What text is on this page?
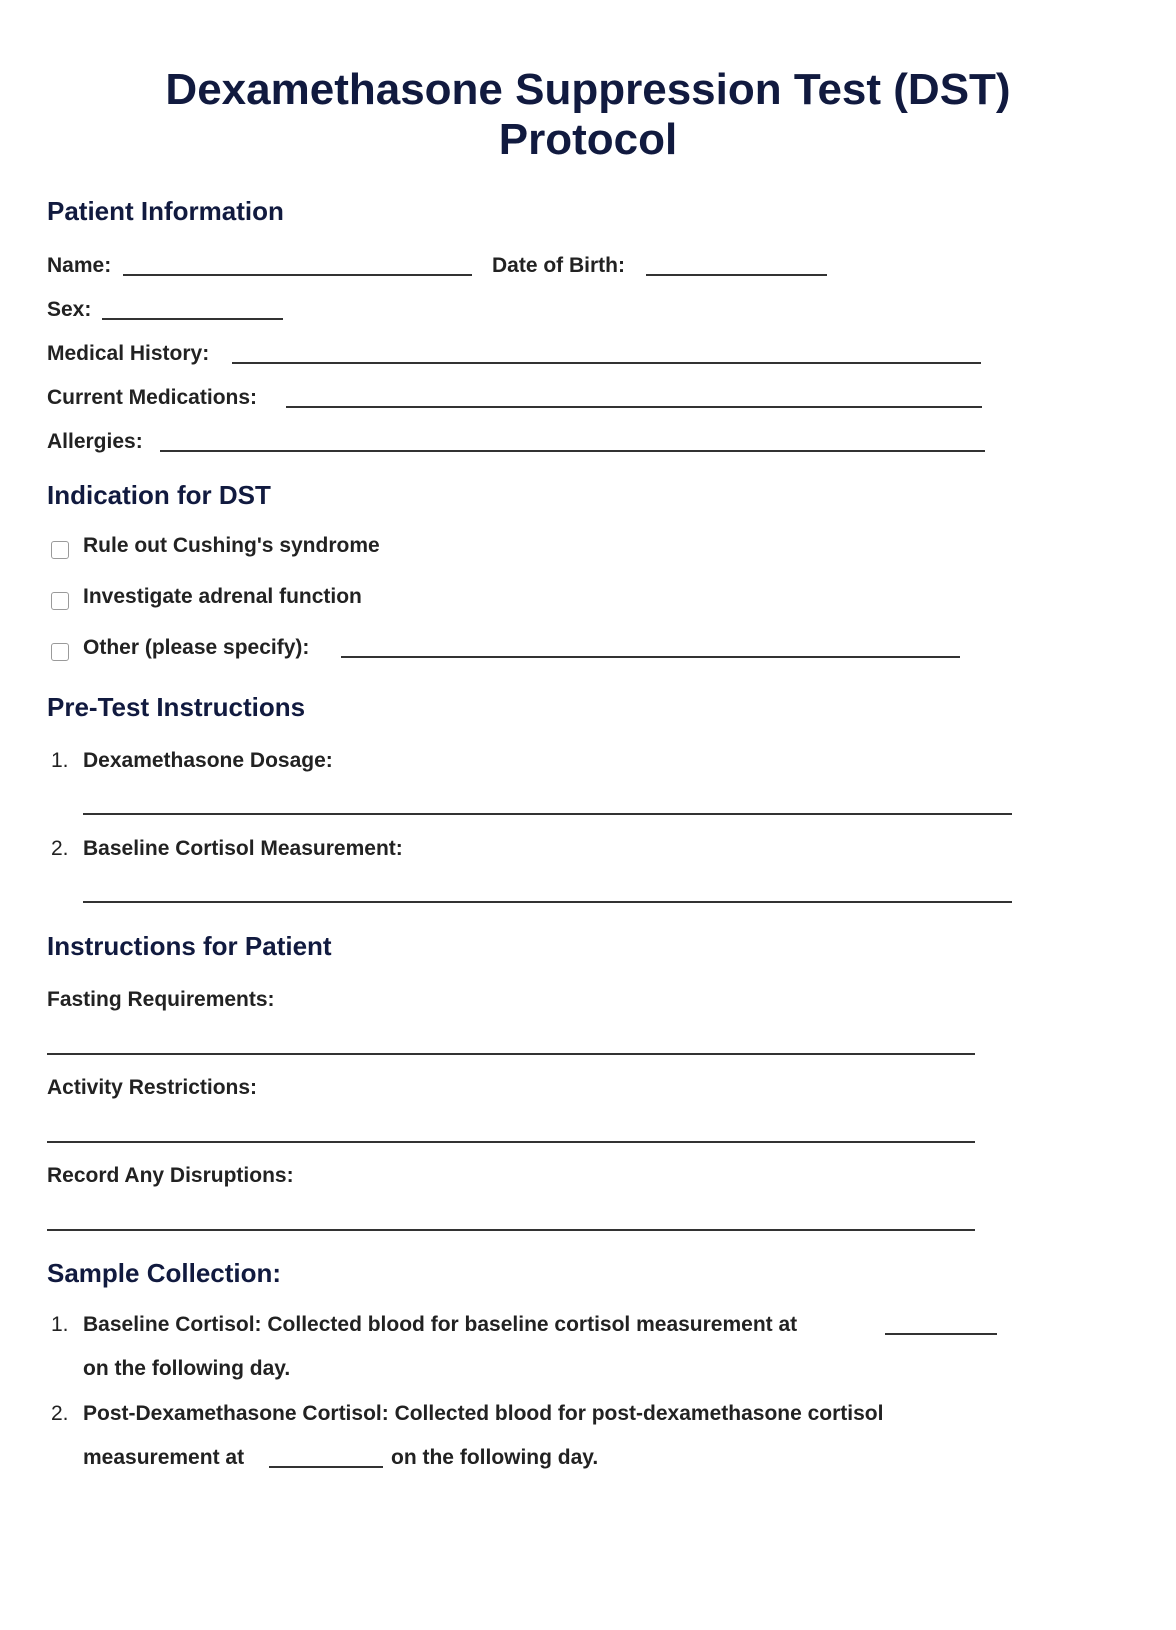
Dexamethasone Suppression Test (DST)
Protocol
Patient Information
Name:	Date of Birth:
Sex:
Medical History:
Current Medications:
Allergies:
Indication for DST
Rule out Cushing's syndrome
Investigate adrenal function
Other (please specify):
Pre-Test Instructions
1. Dexamethasone Dosage:
2. Baseline Cortisol Measurement:
Instructions for Patient
Fasting Requirements:
Activity Restrictions:
Record Any Disruptions:
Sample Collection:
1. Baseline Cortisol: Collected blood for baseline cortisol measurement at
on the following day.
2. Post-Dexamethasone Cortisol: Collected blood for post-dexamethasone cortisol
measurement at	on the following day.
